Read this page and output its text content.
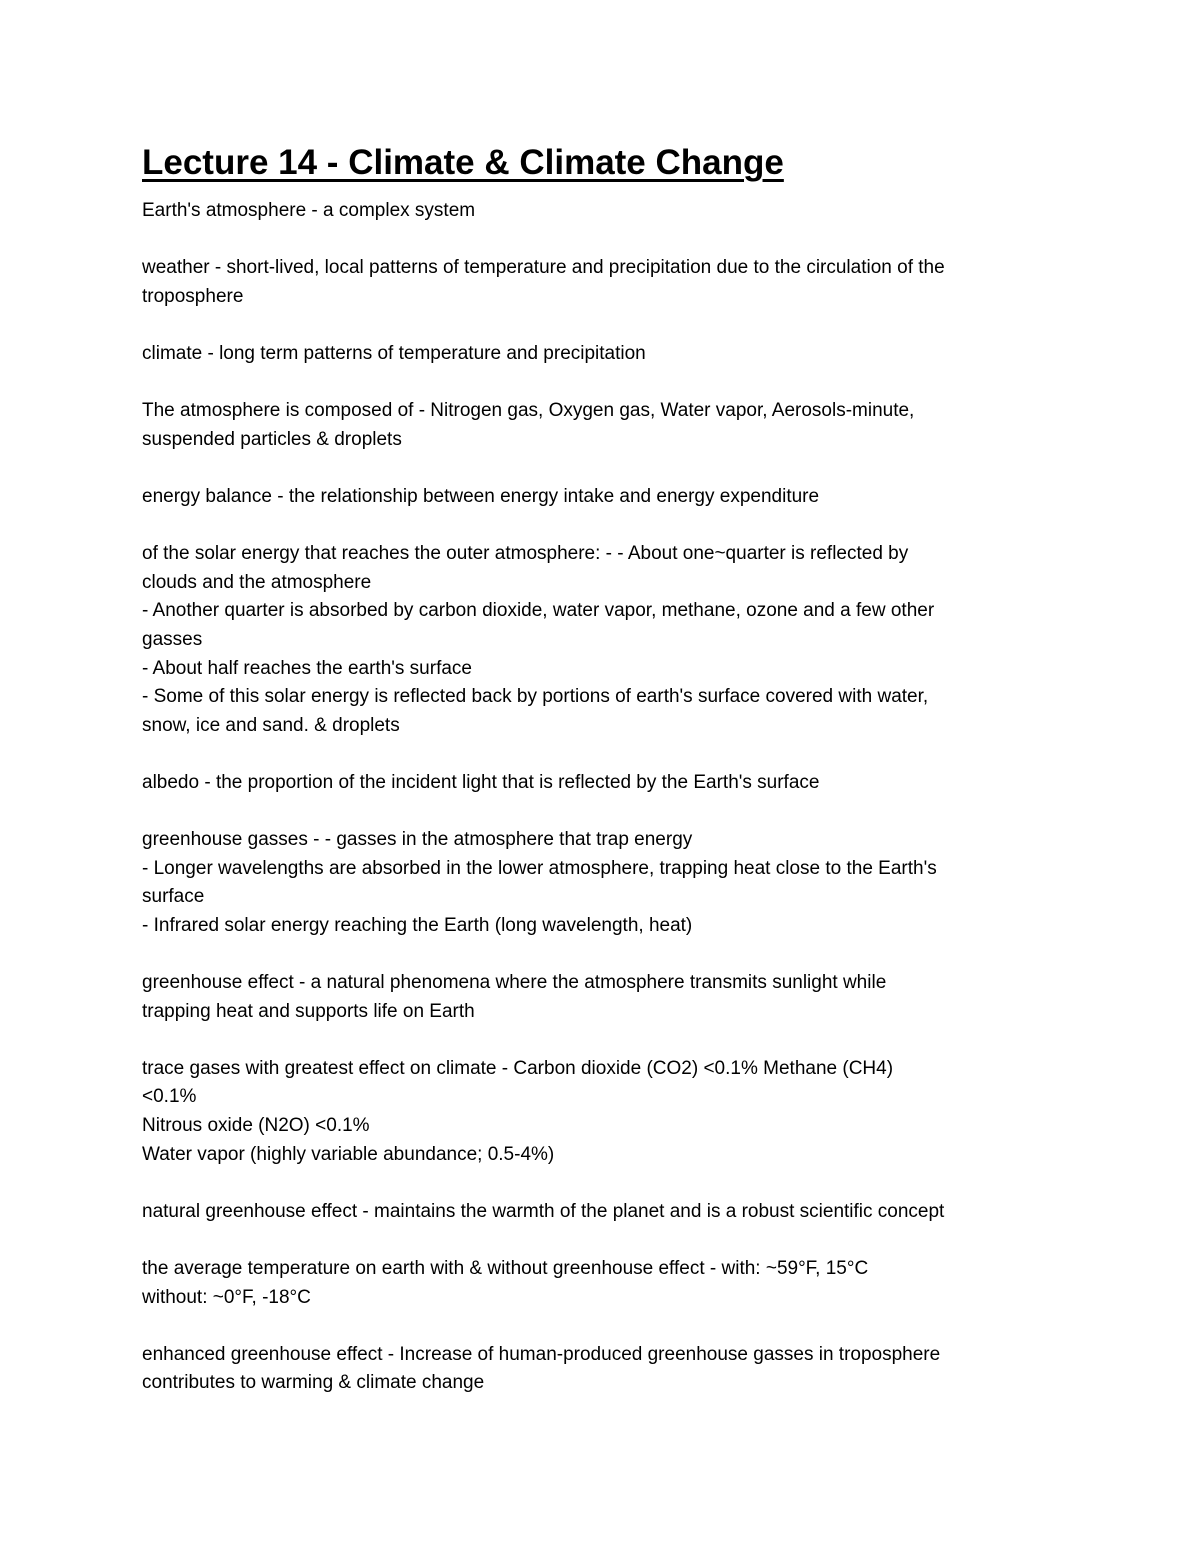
Lecture 14 - Climate & Climate Change
Earth's atmosphere - a complex system
weather - short-lived, local patterns of temperature and precipitation due to the circulation of the
troposphere
climate - long term patterns of temperature and precipitation
The atmosphere is composed of - Nitrogen gas, Oxygen gas, Water vapor, Aerosols-minute,
suspended particles & droplets
energy balance - the relationship between energy intake and energy expenditure
of the solar energy that reaches the outer atmosphere: - - About one~quarter is reflected by
clouds and the atmosphere
- Another quarter is absorbed by carbon dioxide, water vapor, methane, ozone and a few other
gasses
- About half reaches the earth's surface
- Some of this solar energy is reflected back by portions of earth's surface covered with water,
snow, ice and sand. & droplets
albedo - the proportion of the incident light that is reflected by the Earth's surface
greenhouse gasses - - gasses in the atmosphere that trap energy
- Longer wavelengths are absorbed in the lower atmosphere, trapping heat close to the Earth's
surface
- Infrared solar energy reaching the Earth (long wavelength, heat)
greenhouse effect - a natural phenomena where the atmosphere transmits sunlight while
trapping heat and supports life on Earth
trace gases with greatest effect on climate - Carbon dioxide (CO2) <0.1% Methane (CH4)
<0.1%
Nitrous oxide (N2O) <0.1%
Water vapor (highly variable abundance; 0.5-4%)
natural greenhouse effect - maintains the warmth of the planet and is a robust scientific concept
the average temperature on earth with & without greenhouse effect - with: ~59°F, 15°C
without: ~0°F, -18°C
enhanced greenhouse effect - Increase of human-produced greenhouse gasses in troposphere
contributes to warming & climate change
